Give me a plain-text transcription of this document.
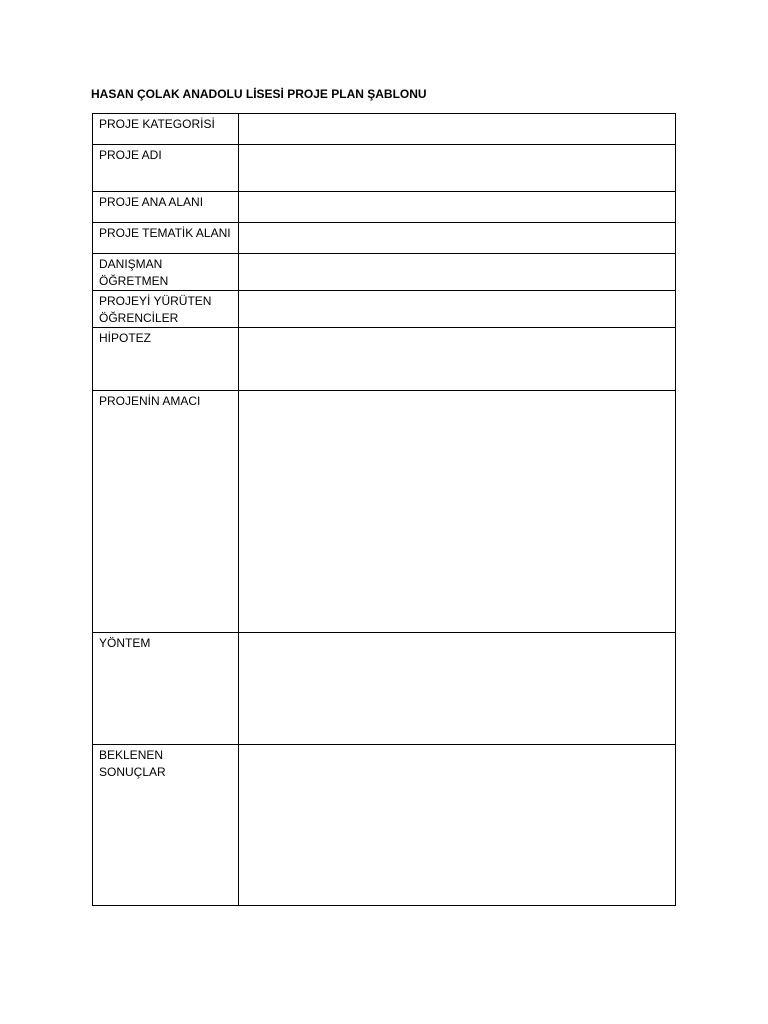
HASAN ÇOLAK ANADOLU LİSESİ PROJE PLAN ŞABLONU
PROJE KATEGORİSİ	
PROJE ADI	
PROJE ANA ALANI	
PROJE TEMATİK ALANI	
DANIŞMAN ÖĞRETMEN	
PROJEYİ YÜRÜTEN ÖĞRENCİLER	
HİPOTEZ	
PROJENİN AMACI	
YÖNTEM	
BEKLENEN SONUÇLAR	
